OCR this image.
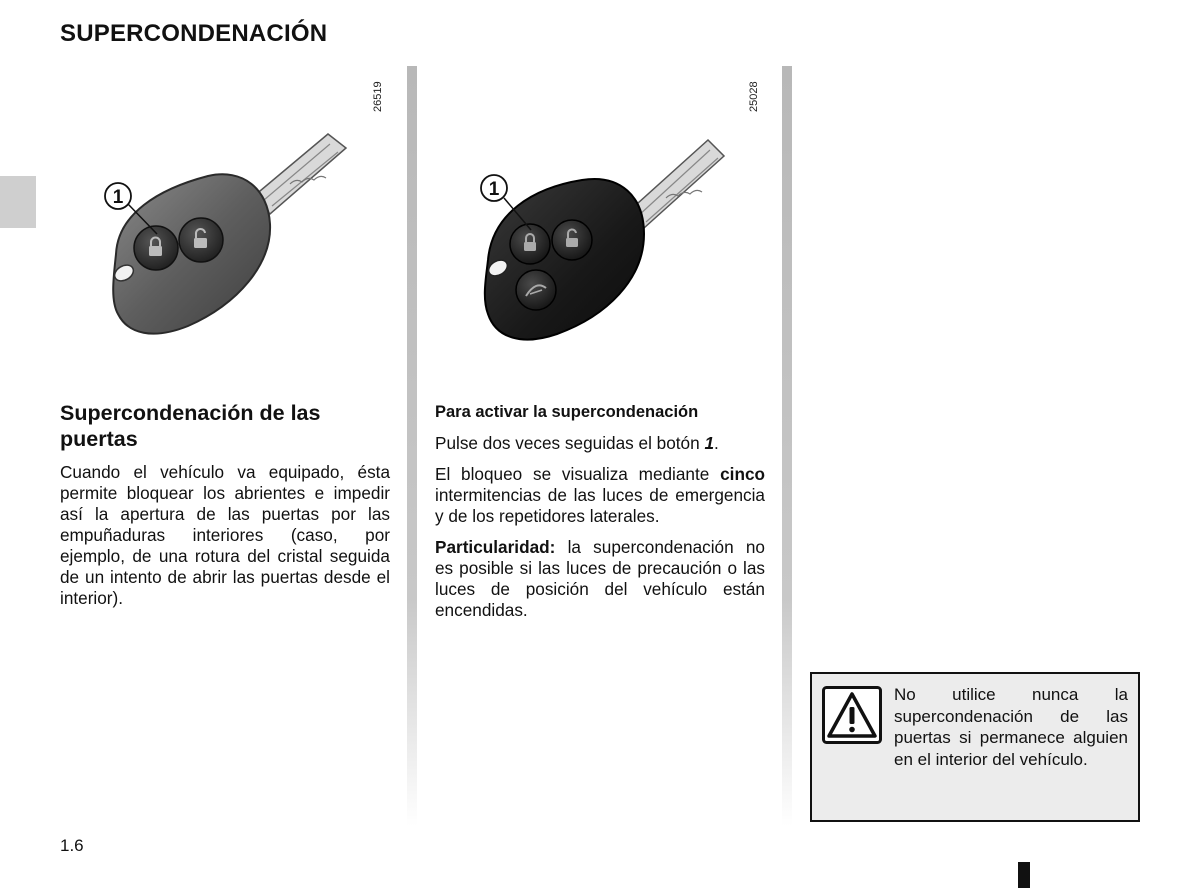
SUPERCONDENACIÓN
26519
1
25028
1
Supercondenación de las puertas
Cuando el vehículo va equipado, ésta permite bloquear los abrientes e impedir así la apertura de las puertas por las empuñaduras interiores (caso, por ejemplo, de una rotura del cristal seguida de un intento de abrir las puertas desde el interior).
Para activar la supercondenación
Pulse dos veces seguidas el botón 1.
El bloqueo se visualiza mediante cinco intermitencias de las luces de emergencia y de los repetidores laterales.
Particularidad: la supercondenación no es posible si las luces de precaución o las luces de posición del vehículo están encendidas.
No utilice nunca la supercondenación de las puertas si permanece alguien en el interior del vehículo.
1.6
